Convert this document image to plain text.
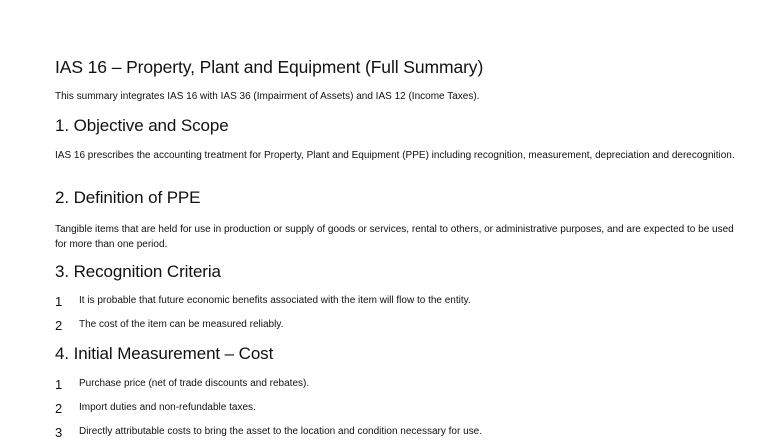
IAS 16 – Property, Plant and Equipment (Full Summary)

This summary integrates IAS 16 with IAS 36 (Impairment of Assets) and IAS 12 (Income Taxes).

1. Objective and Scope

IAS 16 prescribes the accounting treatment for Property, Plant and Equipment (PPE) including recognition, measurement, depreciation and derecognition.

2. Definition of PPE

Tangible items that are held for use in production or supply of goods or services, rental to others, or administrative purposes, and are expected to be used for more than one period.

3. Recognition Criteria
1 It is probable that future economic benefits associated with the item will flow to the entity.
2 The cost of the item can be measured reliably.
4. Initial Measurement – Cost
1 Purchase price (net of trade discounts and rebates).
2 Import duties and non-refundable taxes.
3 Directly attributable costs to bring the asset to the location and condition necessary for use.
